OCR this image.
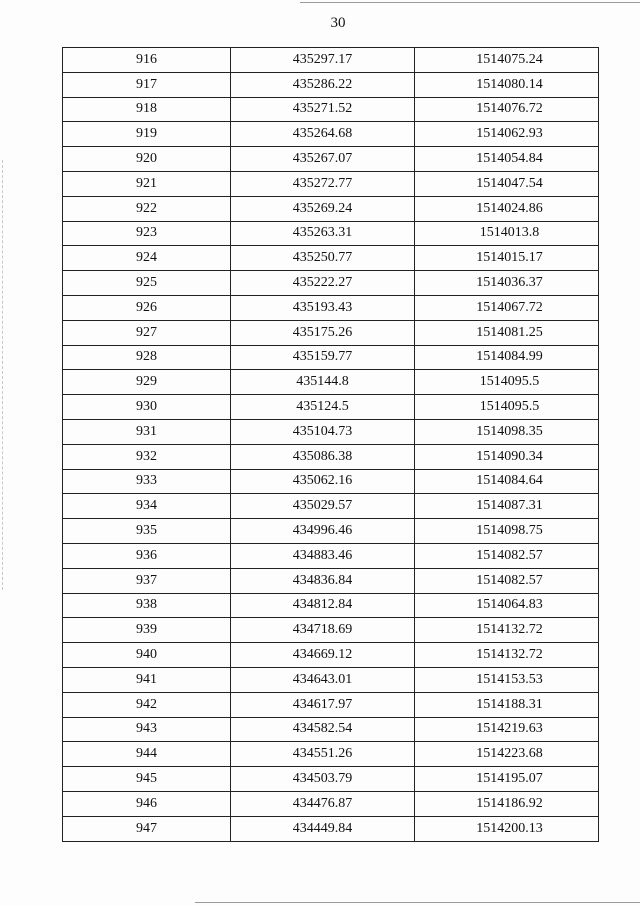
30
916	435297.17	1514075.24
917	435286.22	1514080.14
918	435271.52	1514076.72
919	435264.68	1514062.93
920	435267.07	1514054.84
921	435272.77	1514047.54
922	435269.24	1514024.86
923	435263.31	1514013.8
924	435250.77	1514015.17
925	435222.27	1514036.37
926	435193.43	1514067.72
927	435175.26	1514081.25
928	435159.77	1514084.99
929	435144.8	1514095.5
930	435124.5	1514095.5
931	435104.73	1514098.35
932	435086.38	1514090.34
933	435062.16	1514084.64
934	435029.57	1514087.31
935	434996.46	1514098.75
936	434883.46	1514082.57
937	434836.84	1514082.57
938	434812.84	1514064.83
939	434718.69	1514132.72
940	434669.12	1514132.72
941	434643.01	1514153.53
942	434617.97	1514188.31
943	434582.54	1514219.63
944	434551.26	1514223.68
945	434503.79	1514195.07
946	434476.87	1514186.92
947	434449.84	1514200.13
